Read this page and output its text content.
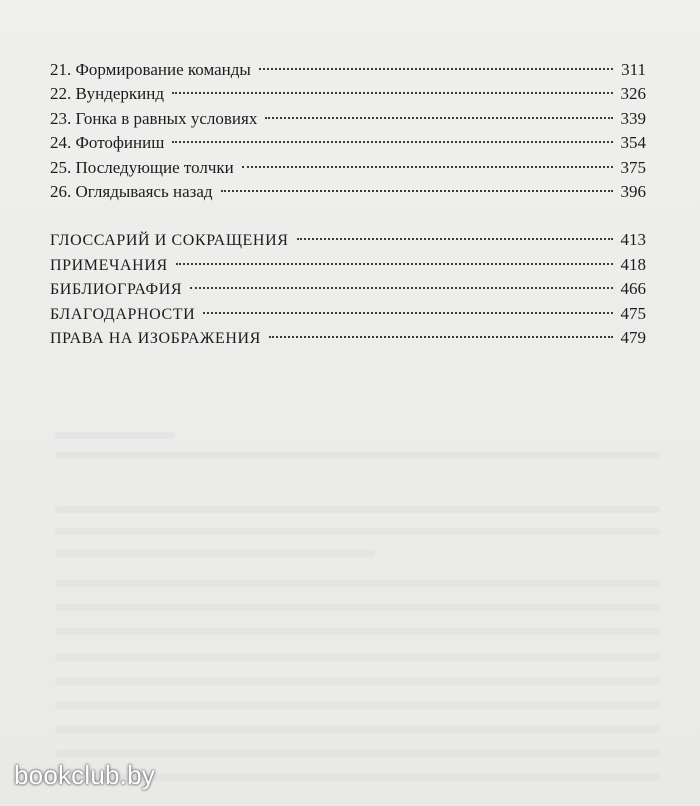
21. Формирование команды	311
22. Вундеркинд	326
23. Гонка в равных условиях	339
24. Фотофиниш	354
25. Последующие толчки	375
26. Оглядываясь назад	396
ГЛОССАРИЙ И СОКРАЩЕНИЯ	413
ПРИМЕЧАНИЯ	418
БИБЛИОГРАФИЯ	466
БЛАГОДАРНОСТИ	475
ПРАВА НА ИЗОБРАЖЕНИЯ	479
bookclub.by
